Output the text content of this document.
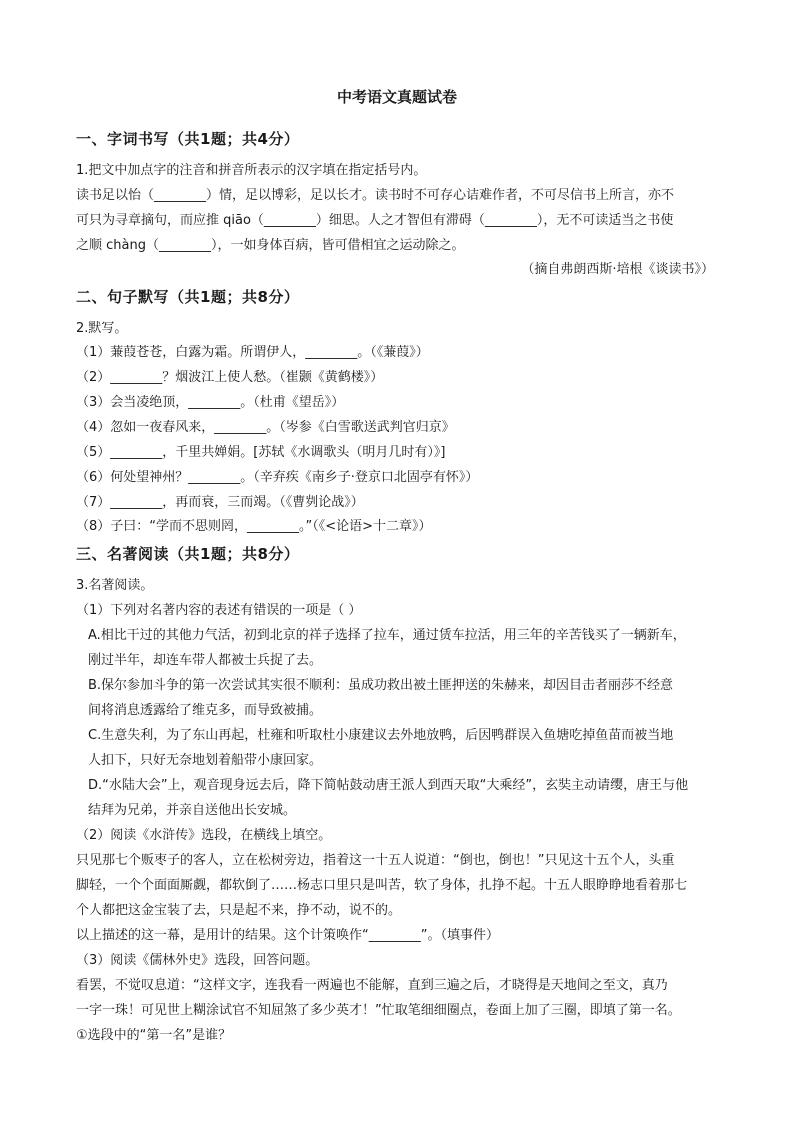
中考语文真题试卷
一、字词书写（共1题；共4分）
1.把文中加点字的注音和拼音所表示的汉字填在指定括号内。
读书足以怡（________）情，足以博彩，足以长才。读书时不可存心诘难作者，不可尽信书上所言，亦不
可只为寻章摘句，而应推 qiāo（________）细思。人之才智但有滞碍（________），无不可读适当之书使
之顺 chàng（________），一如身体百病，皆可借相宜之运动除之。
（摘自弗朗西斯·培根《谈读书》）
二、句子默写（共1题；共8分）
2.默写。
（1）蒹葭苍苍，白露为霜。所谓伊人，________。（《蒹葭》）
（2）________？烟波江上使人愁。（崔颢《黄鹤楼》）
（3）会当凌绝顶，________。（杜甫《望岳》）
（4）忽如一夜春风来，________。（岑参《白雪歌送武判官归京》
（5）________，千里共婵娟。[苏轼《水调歌头（明月几时有）》]
（6）何处望神州？________。（辛弃疾《南乡子·登京口北固亭有怀》）
（7）________，再而衰，三而竭。（《曹刿论战》）
（8）子曰：“学而不思则罔，________。”（《<论语>十二章》）
三、名著阅读（共1题；共8分）
3.名著阅读。
（1）下列对名著内容的表述有错误的一项是（ ）
A.相比干过的其他力气活，初到北京的祥子选择了拉车，通过赁车拉活，用三年的辛苦钱买了一辆新车，
刚过半年，却连车带人都被士兵捉了去。
B.保尔参加斗争的第一次尝试其实很不顺利：虽成功救出被土匪押送的朱赫来，却因目击者丽莎不经意
间将消息透露给了维克多，而导致被捕。
C.生意失利，为了东山再起，杜雍和听取杜小康建议去外地放鸭，后因鸭群误入鱼塘吃掉鱼苗而被当地
人扣下，只好无奈地划着船带小康回家。
D.“水陆大会”上，观音现身远去后，降下简帖鼓动唐王派人到西天取“大乘经”，玄奘主动请缨，唐王与他
结拜为兄弟，并亲自送他出长安城。
（2）阅读《水浒传》选段，在横线上填空。
只见那七个贩枣子的客人，立在松树旁边，指着这一十五人说道：“倒也，倒也！”只见这十五个人，头重
脚轻，一个个面面厮觑，都软倒了……杨志口里只是叫苦，软了身体，扎挣不起。十五人眼睁睁地看着那七
个人都把这金宝装了去，只是起不来，挣不动，说不的。
以上描述的这一幕，是用计的结果。这个计策唤作“________”。（填事件）
（3）阅读《儒林外史》选段，回答问题。
看罢，不觉叹息道：“这样文字，连我看一两遍也不能解，直到三遍之后，才晓得是天地间之至文，真乃
一字一珠！可见世上糊涂试官不知屈煞了多少英才！”忙取笔细细圈点，卷面上加了三圈，即填了第一名。
①选段中的“第一名”是谁？
